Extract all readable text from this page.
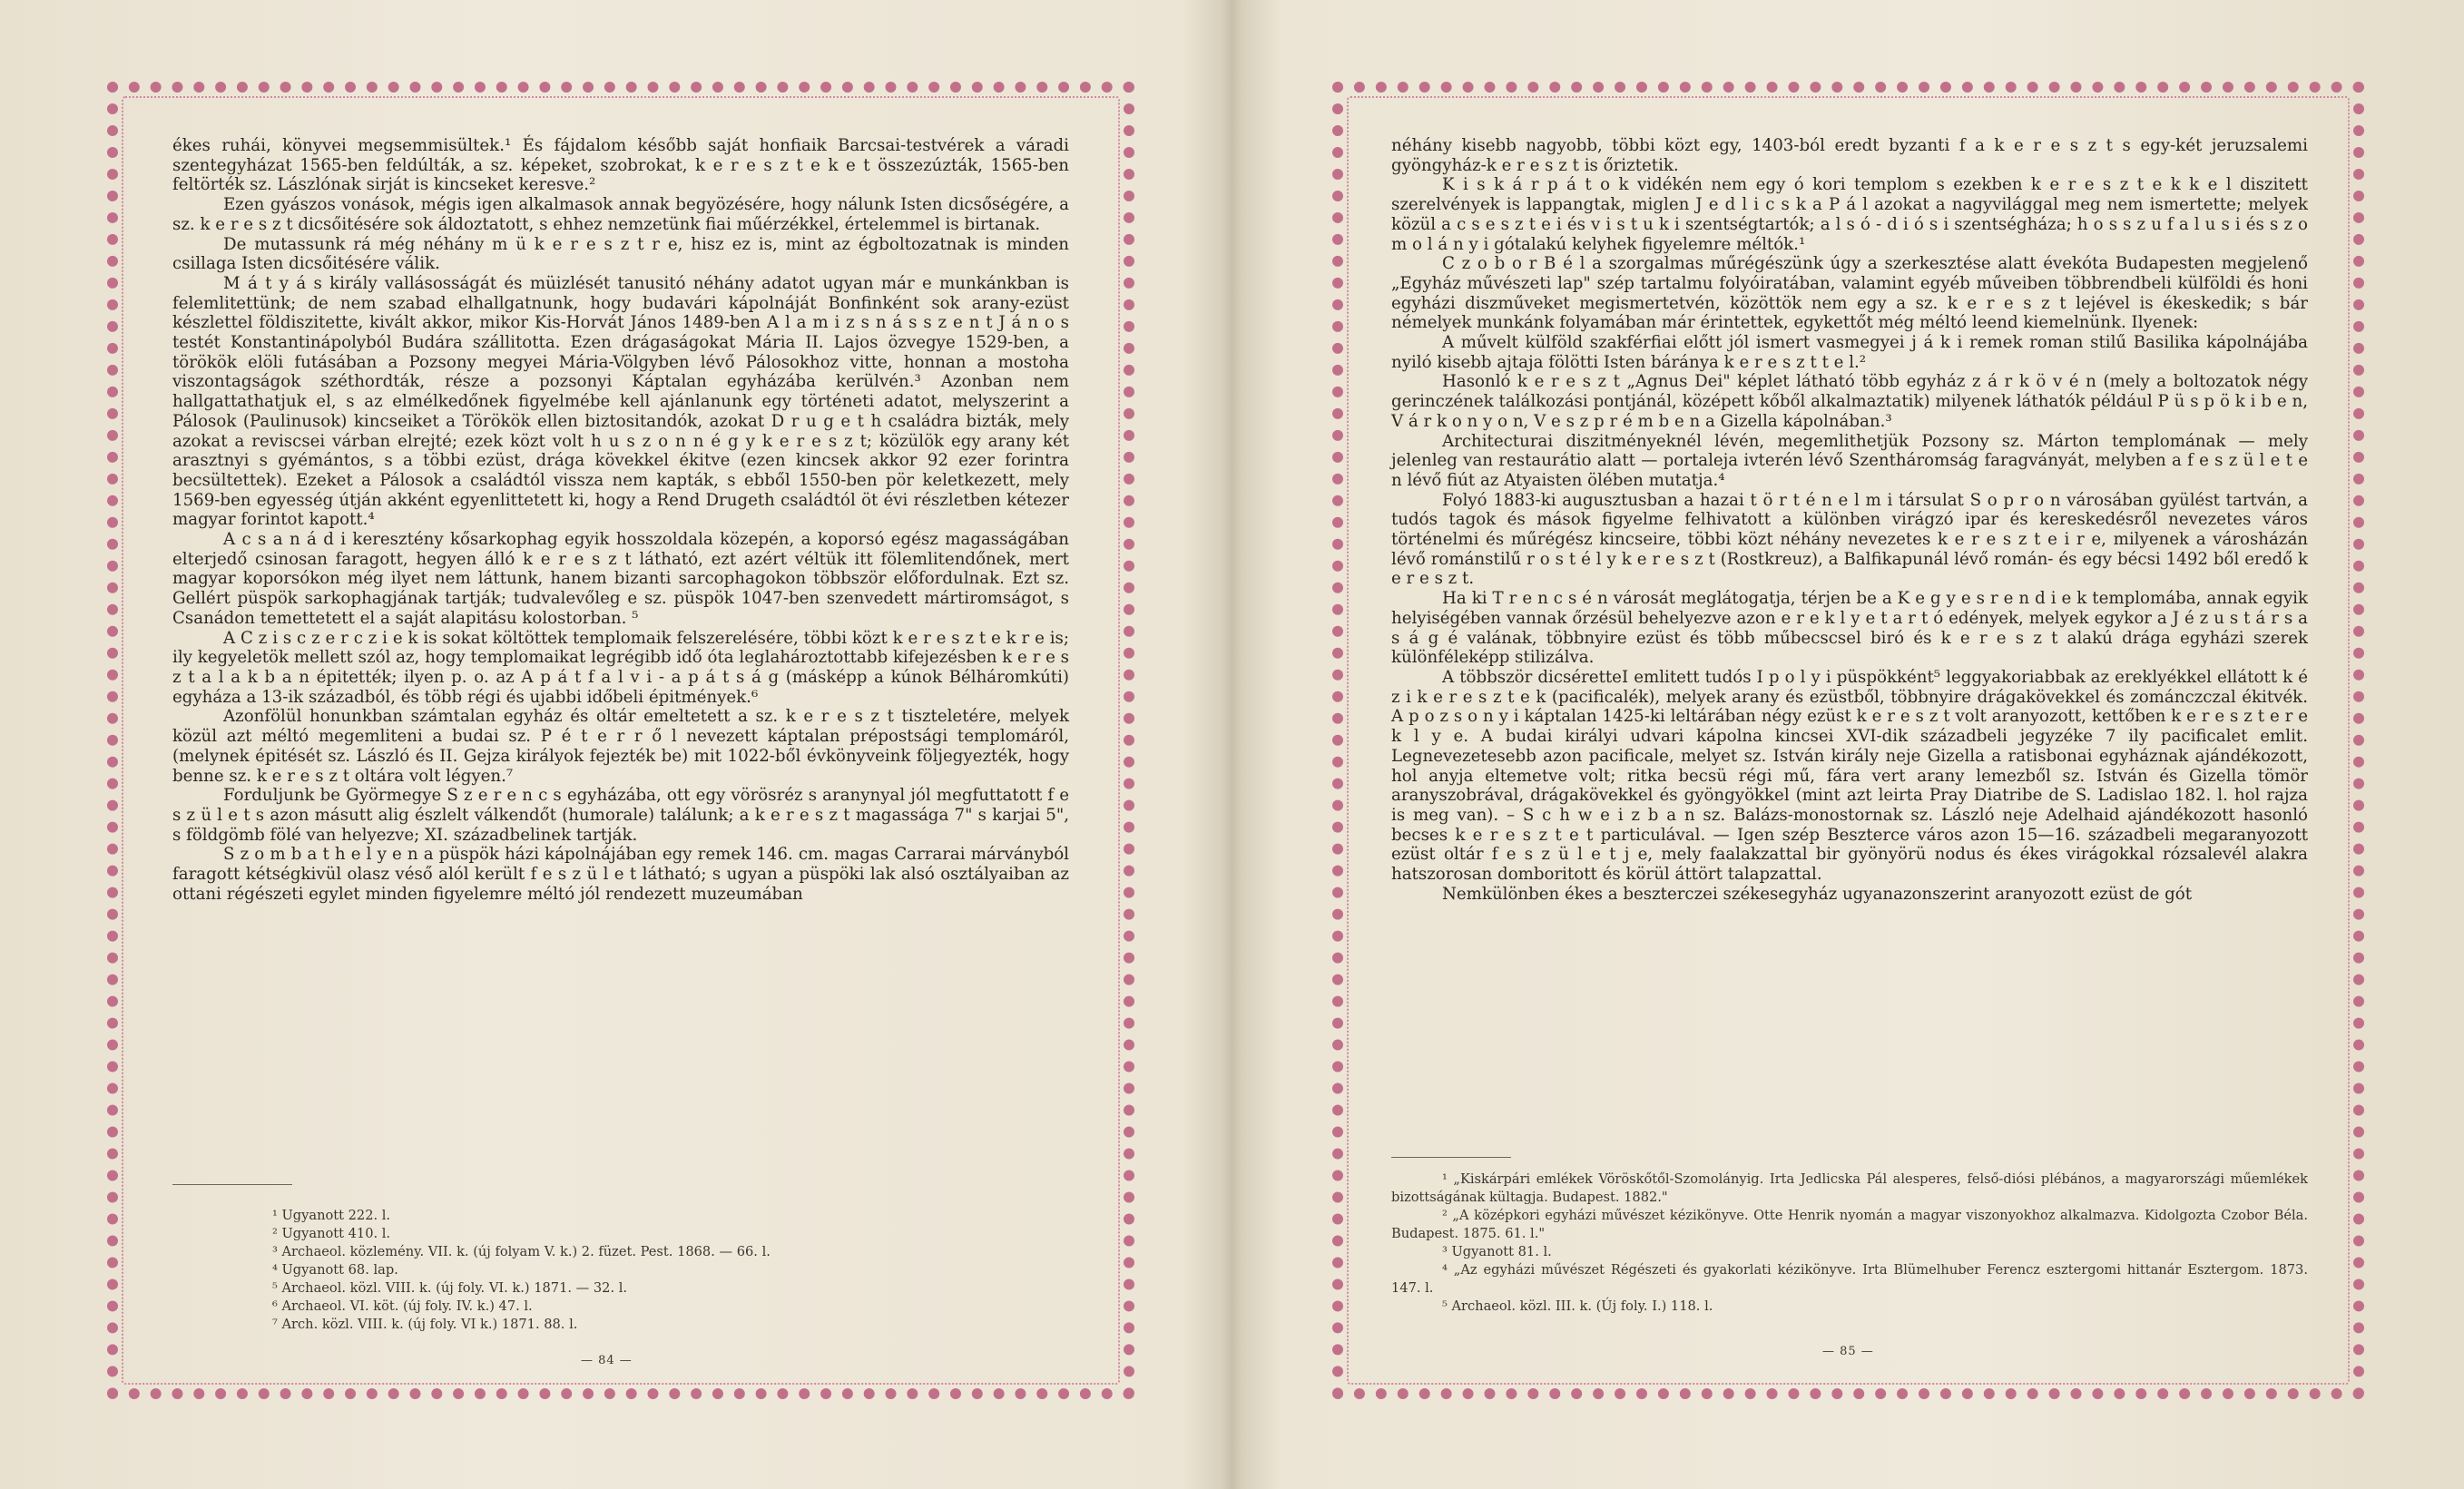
ékes ruhái, könyvei megsemmisültek.¹ És fájdalom később saját honfiaik Barcsai-testvérek a váradi szentegyházat 1565-ben feldúlták, a sz. képeket, szobrokat, k e r e s z t e k e t összezúzták, 1565-ben feltörték sz. Lászlónak sirját is kincseket keresve.²

Ezen gyászos vonások, mégis igen alkalmasok annak begyözésére, hogy nálunk Isten dicsőségére, a sz. k e r e s z t dicsőitésére sok áldoztatott, s ehhez nemzetünk fiai műérzékkel, értelemmel is birtanak.

De mutassunk rá még néhány m ü k e r e s z t r e, hisz ez is, mint az égboltozatnak is minden csillaga Isten dicsőitésére válik.

M á t y á s király vallásosságát és müizlését tanusitó néhány adatot ugyan már e munkánkban is felemlitettünk; de nem szabad elhallgatnunk, hogy budavári kápolnáját Bonfinként sok arany-ezüst készlettel földiszitette, kivált akkor, mikor Kis-Horvát János 1489-ben A l a m i z s n á s s z e n t J á n o s testét Konstantinápolyból Budára szállitotta. Ezen drágaságokat Mária II. Lajos özvegye 1529-ben, a törökök elöli futásában a Pozsony megyei Mária-Völgyben lévő Pálosokhoz vitte, honnan a mostoha viszontagságok széthordták, része a pozsonyi Káptalan egyházába kerülvén.³ Azonban nem hallgattathatjuk el, s az elmélkedőnek figyelmébe kell ajánlanunk egy történeti adatot, melyszerint a Pálosok (Paulinusok) kincseiket a Törökök ellen biztositandók, azokat D r u g e t h családra bizták, mely azokat a reviscsei várban elrejté; ezek közt volt h u s z o n n é g y k e r e s z t; közülök egy arany két arasztnyi s gyémántos, s a többi ezüst, drága kövekkel ékitve (ezen kincsek akkor 92 ezer forintra becsültettek). Ezeket a Pálosok a családtól vissza nem kapták, s ebből 1550-ben pör keletkezett, mely 1569-ben egyesség útján akként egyenlittetett ki, hogy a Rend Drugeth családtól öt évi részletben kétezer magyar forintot kapott.⁴

A c s a n á d i keresztény kősarkophag egyik hosszoldala közepén, a koporsó egész magasságában elterjedő csinosan faragott, hegyen álló k e r e s z t látható, ezt azért véltük itt fölemlitendőnek, mert magyar koporsókon még ilyet nem láttunk, hanem bizanti sarcophagokon többször előfordulnak. Ezt sz. Gellért püspök sarkophagjának tartják; tudvalevőleg e sz. püspök 1047-ben szenvedett mártiromságot, s Csanádon temettetett el a saját alapitásu kolostorban. ⁵

A C z i s c z e r c z i e k is sokat költöttek templomaik felszerelésére, többi közt k e r e s z t e k r e is; ily kegyeletök mellett szól az, hogy templomaikat legrégibb idő óta leglahároztottabb kifejezésben k e r e s z t a l a k b a n épitették; ilyen p. o. az A p á t f a l v i - a p á t s á g (másképp a kúnok Bélháromkúti) egyháza a 13-ik századból, és több régi és ujabbi időbeli épitmények.⁶

Azonfölül honunkban számtalan egyház és oltár emeltetett a sz. k e r e s z t tiszteletére, melyek közül azt méltó megemliteni a budai sz. P é t e r r ő l nevezett káptalan prépostsági templomáról, (melynek épitését sz. László és II. Gejza királyok fejezték be) mit 1022-ből évkönyveink följegyezték, hogy benne sz. k e r e s z t oltára volt légyen.⁷

Forduljunk be Györmegye S z e r e n c s egyházába, ott egy vörösréz s aranynyal jól megfuttatott f e s z ü l e t s azon másutt alig észlelt válkendőt (humorale) találunk; a k e r e s z t magassága 7" s karjai 5", s földgömb fölé van helyezve; XI. századbelinek tartják.

S z o m b a t h e l y e n a püspök házi kápolnájában egy remek 146. cm. magas Carrarai márványból faragott kétségkivül olasz véső alól került f e s z ü l e t látható; s ugyan a püspöki lak alsó osztályaiban az ottani régészeti egylet minden figyelemre méltó jól rendezett muzeumában

¹ Ugyanott 222. l.

² Ugyanott 410. l.

³ Archaeol. közlemény. VII. k. (új folyam V. k.) 2. füzet. Pest. 1868. — 66. l.

⁴ Ugyanott 68. lap.

⁵ Archaeol. közl. VIII. k. (új foly. VI. k.) 1871. — 32. l.

⁶ Archaeol. VI. köt. (új foly. IV. k.) 47. l.

⁷ Arch. közl. VIII. k. (új foly. VI k.) 1871. 88. l.

— 84 —

néhány kisebb nagyobb, többi közt egy, 1403-ból eredt byzanti f a k e r e s z t s egy-két jeruzsalemi gyöngyház-k e r e s z t is őriztetik.

K i s k á r p á t o k vidékén nem egy ó kori templom s ezekben k e r e s z t e k k e l diszitett szerelvények is lappangtak, miglen J e d l i c s k a P á l azokat a nagyvilággal meg nem ismertette; melyek közül a c s e s z t e i és v i s t u k i szentségtartók; a l s ó - d i ó s i szentségháza; h o s s z u f a l u s i és s z o m o l á n y i gótalakú kelyhek figyelemre méltók.¹

C z o b o r B é l a szorgalmas műrégészünk úgy a szerkesztése alatt évekóta Budapesten megjelenő „Egyház művészeti lap" szép tartalmu folyóiratában, valamint egyéb műveiben többrendbeli külföldi és honi egyházi diszműveket megismertetvén, közöttök nem egy a sz. k e r e s z t lejével is ékeskedik; s bár némelyek munkánk folyamában már érintettek, egykettőt még méltó leend kiemelnünk. Ilyenek:

A művelt külföld szakférfiai előtt jól ismert vasmegyei j á k i remek roman stilű Basilika kápolnájába nyiló kisebb ajtaja fölötti Isten báránya k e r e s z t t e l.²

Hasonló k e r e s z t „Agnus Dei" képlet látható több egyház z á r k ö v é n (mely a boltozatok négy gerinczének találkozási pontjánál, középett kőből alkalmaztatik) milyenek láthatók például P ü s p ö k i b e n, V á r k o n y o n, V e s z p r é m b e n a Gizella kápolnában.³

Architecturai diszitményeknél lévén, megemlithetjük Pozsony sz. Márton templomának — mely jelenleg van restaurátio alatt — portaleja ivterén lévő Szentháromság faragványát, melyben a f e s z ü l e t e n lévő fiút az Atyaisten ölében mutatja.⁴

Folyó 1883-ki augusztusban a hazai t ö r t é n e l m i társulat S o p r o n városában gyülést tartván, a tudós tagok és mások figyelme felhivatott a különben virágzó ipar és kereskedésről nevezetes város történelmi és műrégész kincseire, többi közt néhány nevezetes k e r e s z t e i r e, milyenek a városházán lévő románstilű r o s t é l y k e r e s z t (Rostkreuz), a Balfikapunál lévő román- és egy bécsi 1492 ből eredő k e r e s z t.

Ha ki T r e n c s é n városát meglátogatja, térjen be a K e g y e s r e n d i e k templomába, annak egyik helyiségében vannak őrzésül behelyezve azon e r e k l y e t a r t ó edények, melyek egykor a J é z u s t á r s a s á g é valának, többnyire ezüst és több műbecscsel biró és k e r e s z t alakú drága egyházi szerek különféleképp stilizálva.

A többször dicséretteI emlitett tudós I p o l y i püspökként⁵ leggyakoriabbak az ereklyékkel ellátott k é z i k e r e s z t e k (pacificalék), melyek arany és ezüstből, többnyire drágakövekkel és zománczczal ékitvék. A p o z s o n y i káptalan 1425-ki leltárában négy ezüst k e r e s z t volt aranyozott, kettőben k e r e s z t e r e k l y e. A budai királyi udvari kápolna kincsei XVI-dik századbeli jegyzéke 7 ily pacificalet emlit. Legnevezetesebb azon pacificale, melyet sz. István király neje Gizella a ratisbonai egyháznak ajándékozott, hol anyja eltemetve volt; ritka becsü régi mű, fára vert arany lemezből sz. István és Gizella tömör aranyszobrával, drágakövekkel és gyöngyökkel (mint azt leirta Pray Diatribe de S. Ladislao 182. l. hol rajza is meg van). – S c h w e i z b a n sz. Balázs-monostornak sz. László neje Adelhaid ajándékozott hasonló becses k e r e s z t e t particulával. — Igen szép Beszterce város azon 15—16. századbeli megaranyozott ezüst oltár f e s z ü l e t j e, mely faalakzattal bir gyönyörü nodus és ékes virágokkal rózsalevél alakra hatszorosan domboritott és körül áttört talapzattal.

Nemkülönben ékes a beszterczei székesegyház ugyanazonszerint aranyozott ezüst de gót

¹ „Kiskárpári emlékek Vöröskőtől-Szomolányig. Irta Jedlicska Pál alesperes, felső-diósi plébános, a magyarországi műemlékek bizottságának kültagja. Budapest. 1882."

² „A középkori egyházi művészet kézikönyve. Otte Henrik nyomán a magyar viszonyokhoz alkalmazva. Kidolgozta Czobor Béla. Budapest. 1875. 61. l."

³ Ugyanott 81. l.

⁴ „Az egyházi művészet Régészeti és gyakorlati kézikönyve. Irta Blümelhuber Ferencz esztergomi hittanár Esztergom. 1873. 147. l.

⁵ Archaeol. közl. III. k. (Új foly. I.) 118. l.

— 85 —
